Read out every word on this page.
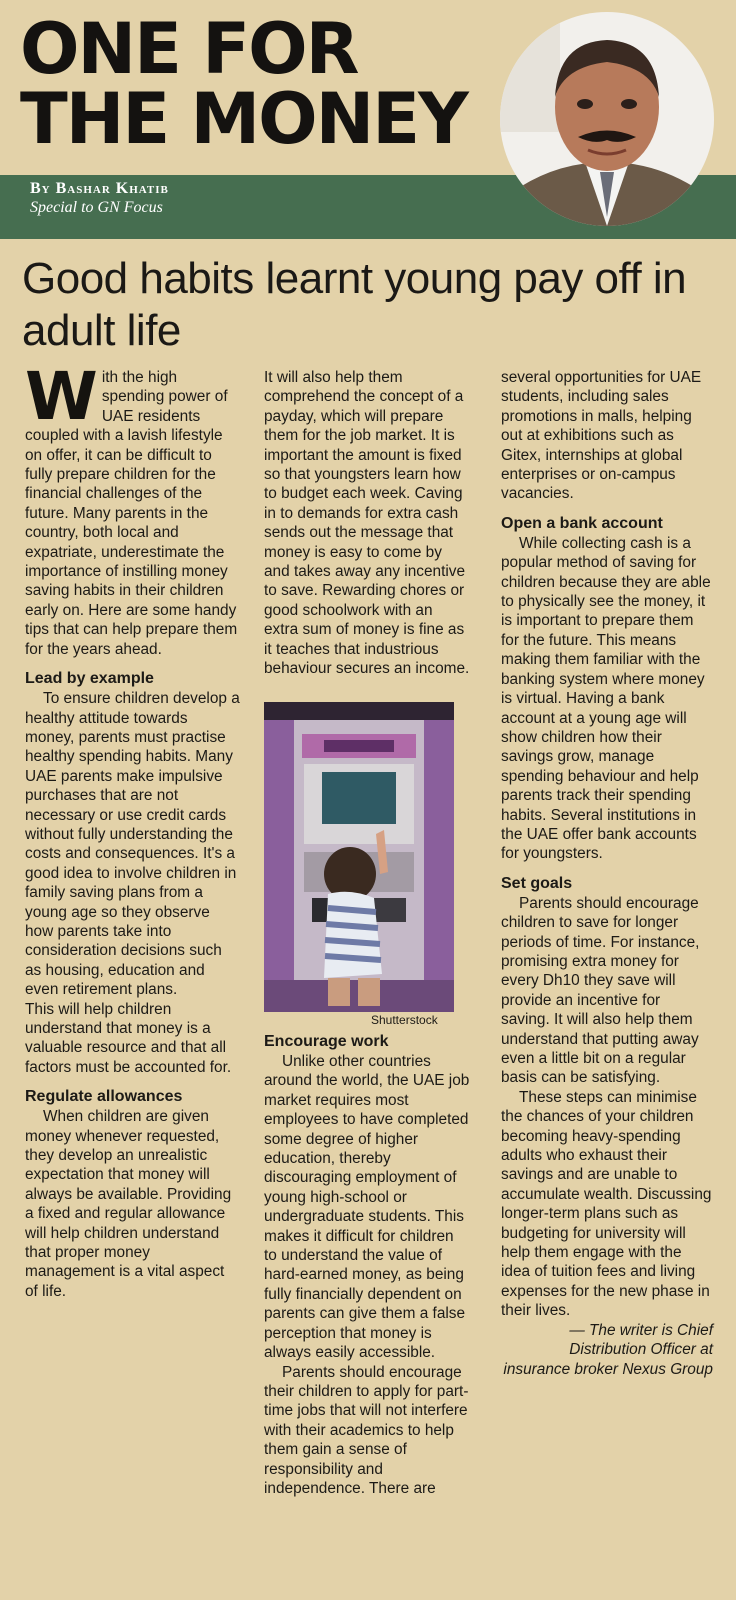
ONE FOR
THE MONEY
By Bashar Khatib
Special to GN Focus
Good habits learnt young pay off in adult life

With the high spending power of UAE residents coupled with a lavish lifestyle on offer, it can be difficult to fully prepare children for the financial challenges of the future. Many parents in the country, both local and expatriate, underestimate the importance of instilling money saving habits in their children early on. Here are some handy tips that can help prepare them for the years ahead.

Lead by example

To ensure children develop a healthy attitude towards money, parents must practise healthy spending habits. Many UAE parents make impulsive purchases that are not necessary or use credit cards without fully understanding the costs and consequences. It's a good idea to involve children in family saving plans from a young age so they observe how parents take into consideration decisions such as housing, education and even retirement plans.

This will help children understand that money is a valuable resource and that all factors must be accounted for.

Regulate allowances

When children are given money whenever requested, they develop an unrealistic expectation that money will always be available. Providing a fixed and regular allowance will help children understand that proper money management is a vital aspect of life.

It will also help them comprehend the concept of a payday, which will prepare them for the job market. It is important the amount is fixed so that youngsters learn how to budget each week. Caving in to demands for extra cash sends out the message that money is easy to come by and takes away any incentive to save. Rewarding chores or good schoolwork with an extra sum of money is fine as it teaches that industrious behaviour secures an income.

Shutterstock
Encourage work

Unlike other countries around the world, the UAE job market requires most employees to have completed some degree of higher education, thereby discouraging employment of young high-school or undergraduate students. This makes it difficult for children to understand the value of hard-earned money, as being fully financially dependent on parents can give them a false perception that money is always easily accessible.

Parents should encourage their children to apply for part-time jobs that will not interfere with their academics to help them gain a sense of responsibility and independence. There are

several opportunities for UAE students, including sales promotions in malls, helping out at exhibitions such as Gitex, internships at global enterprises or on-campus vacancies.

Open a bank account

While collecting cash is a popular method of saving for children because they are able to physically see the money, it is important to prepare them for the future. This means making them familiar with the banking system where money is virtual. Having a bank account at a young age will show children how their savings grow, manage spending behaviour and help parents track their spending habits. Several institutions in the UAE offer bank accounts for youngsters.

Set goals

Parents should encourage children to save for longer periods of time. For instance, promising extra money for every Dh10 they save will provide an incentive for saving. It will also help them understand that putting away even a little bit on a regular basis can be satisfying.

These steps can minimise the chances of your children becoming heavy-spending adults who exhaust their savings and are unable to accumulate wealth. Discussing longer-term plans such as budgeting for university will help them engage with the idea of tuition fees and living expenses for the new phase in their lives.

— The writer is Chief Distribution Officer at insurance broker Nexus Group
